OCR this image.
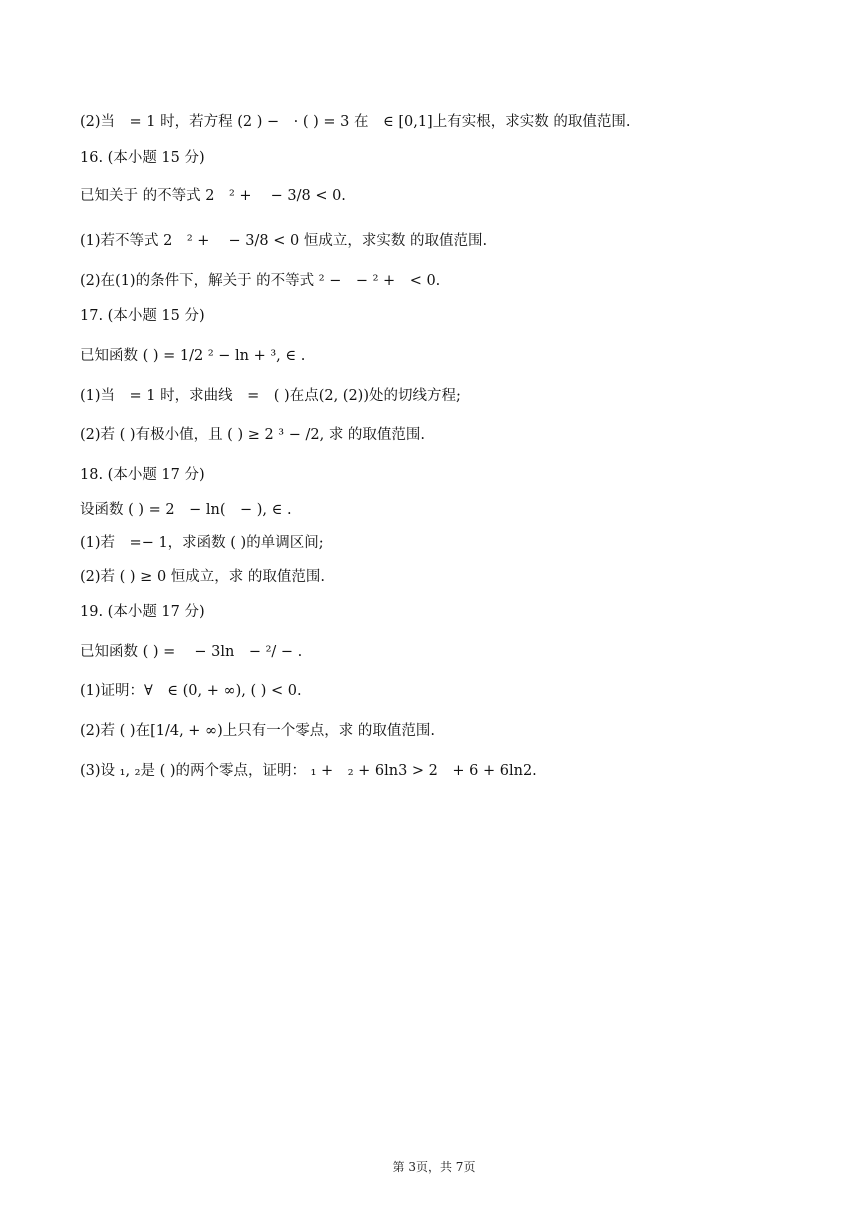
(2)当　= 1 时，若方程 (2 ) −　· ( ) = 3 在　∈ [0,1]上有实根，求实数 的取值范围.
16. (本小题 15 分)
已知关于 的不等式 2　² +　 − 3/8 < 0.
(1)若不等式 2　² +　 − 3/8 < 0 恒成立，求实数 的取值范围.
(2)在(1)的条件下，解关于 的不等式 ² −　− ² +　< 0.
17. (本小题 15 分)
已知函数 ( ) = 1/2 ² − ln + ³, ∈ .
(1)当　= 1 时，求曲线　=　( )在点(2, (2))处的切线方程;
(2)若 ( )有极小值，且 ( ) ≥ 2 ³ − /2, 求 的取值范围.
18. (本小题 17 分)
设函数 ( ) = 2　− ln(　− ), ∈ .
(1)若　=− 1，求函数 ( )的单调区间;
(2)若 ( ) ≥ 0 恒成立，求 的取值范围.
19. (本小题 17 分)
已知函数 ( ) =　 − 3ln　− ²/ − .
(1)证明：∀　∈ (0, + ∞), ( ) < 0.
(2)若 ( )在[1/4, + ∞)上只有一个零点，求 的取值范围.
(3)设 ₁, ₂是 ( )的两个零点，证明： ₁ +　₂ + 6ln3 > 2　+ 6 + 6ln2.
第 3页，共 7页
